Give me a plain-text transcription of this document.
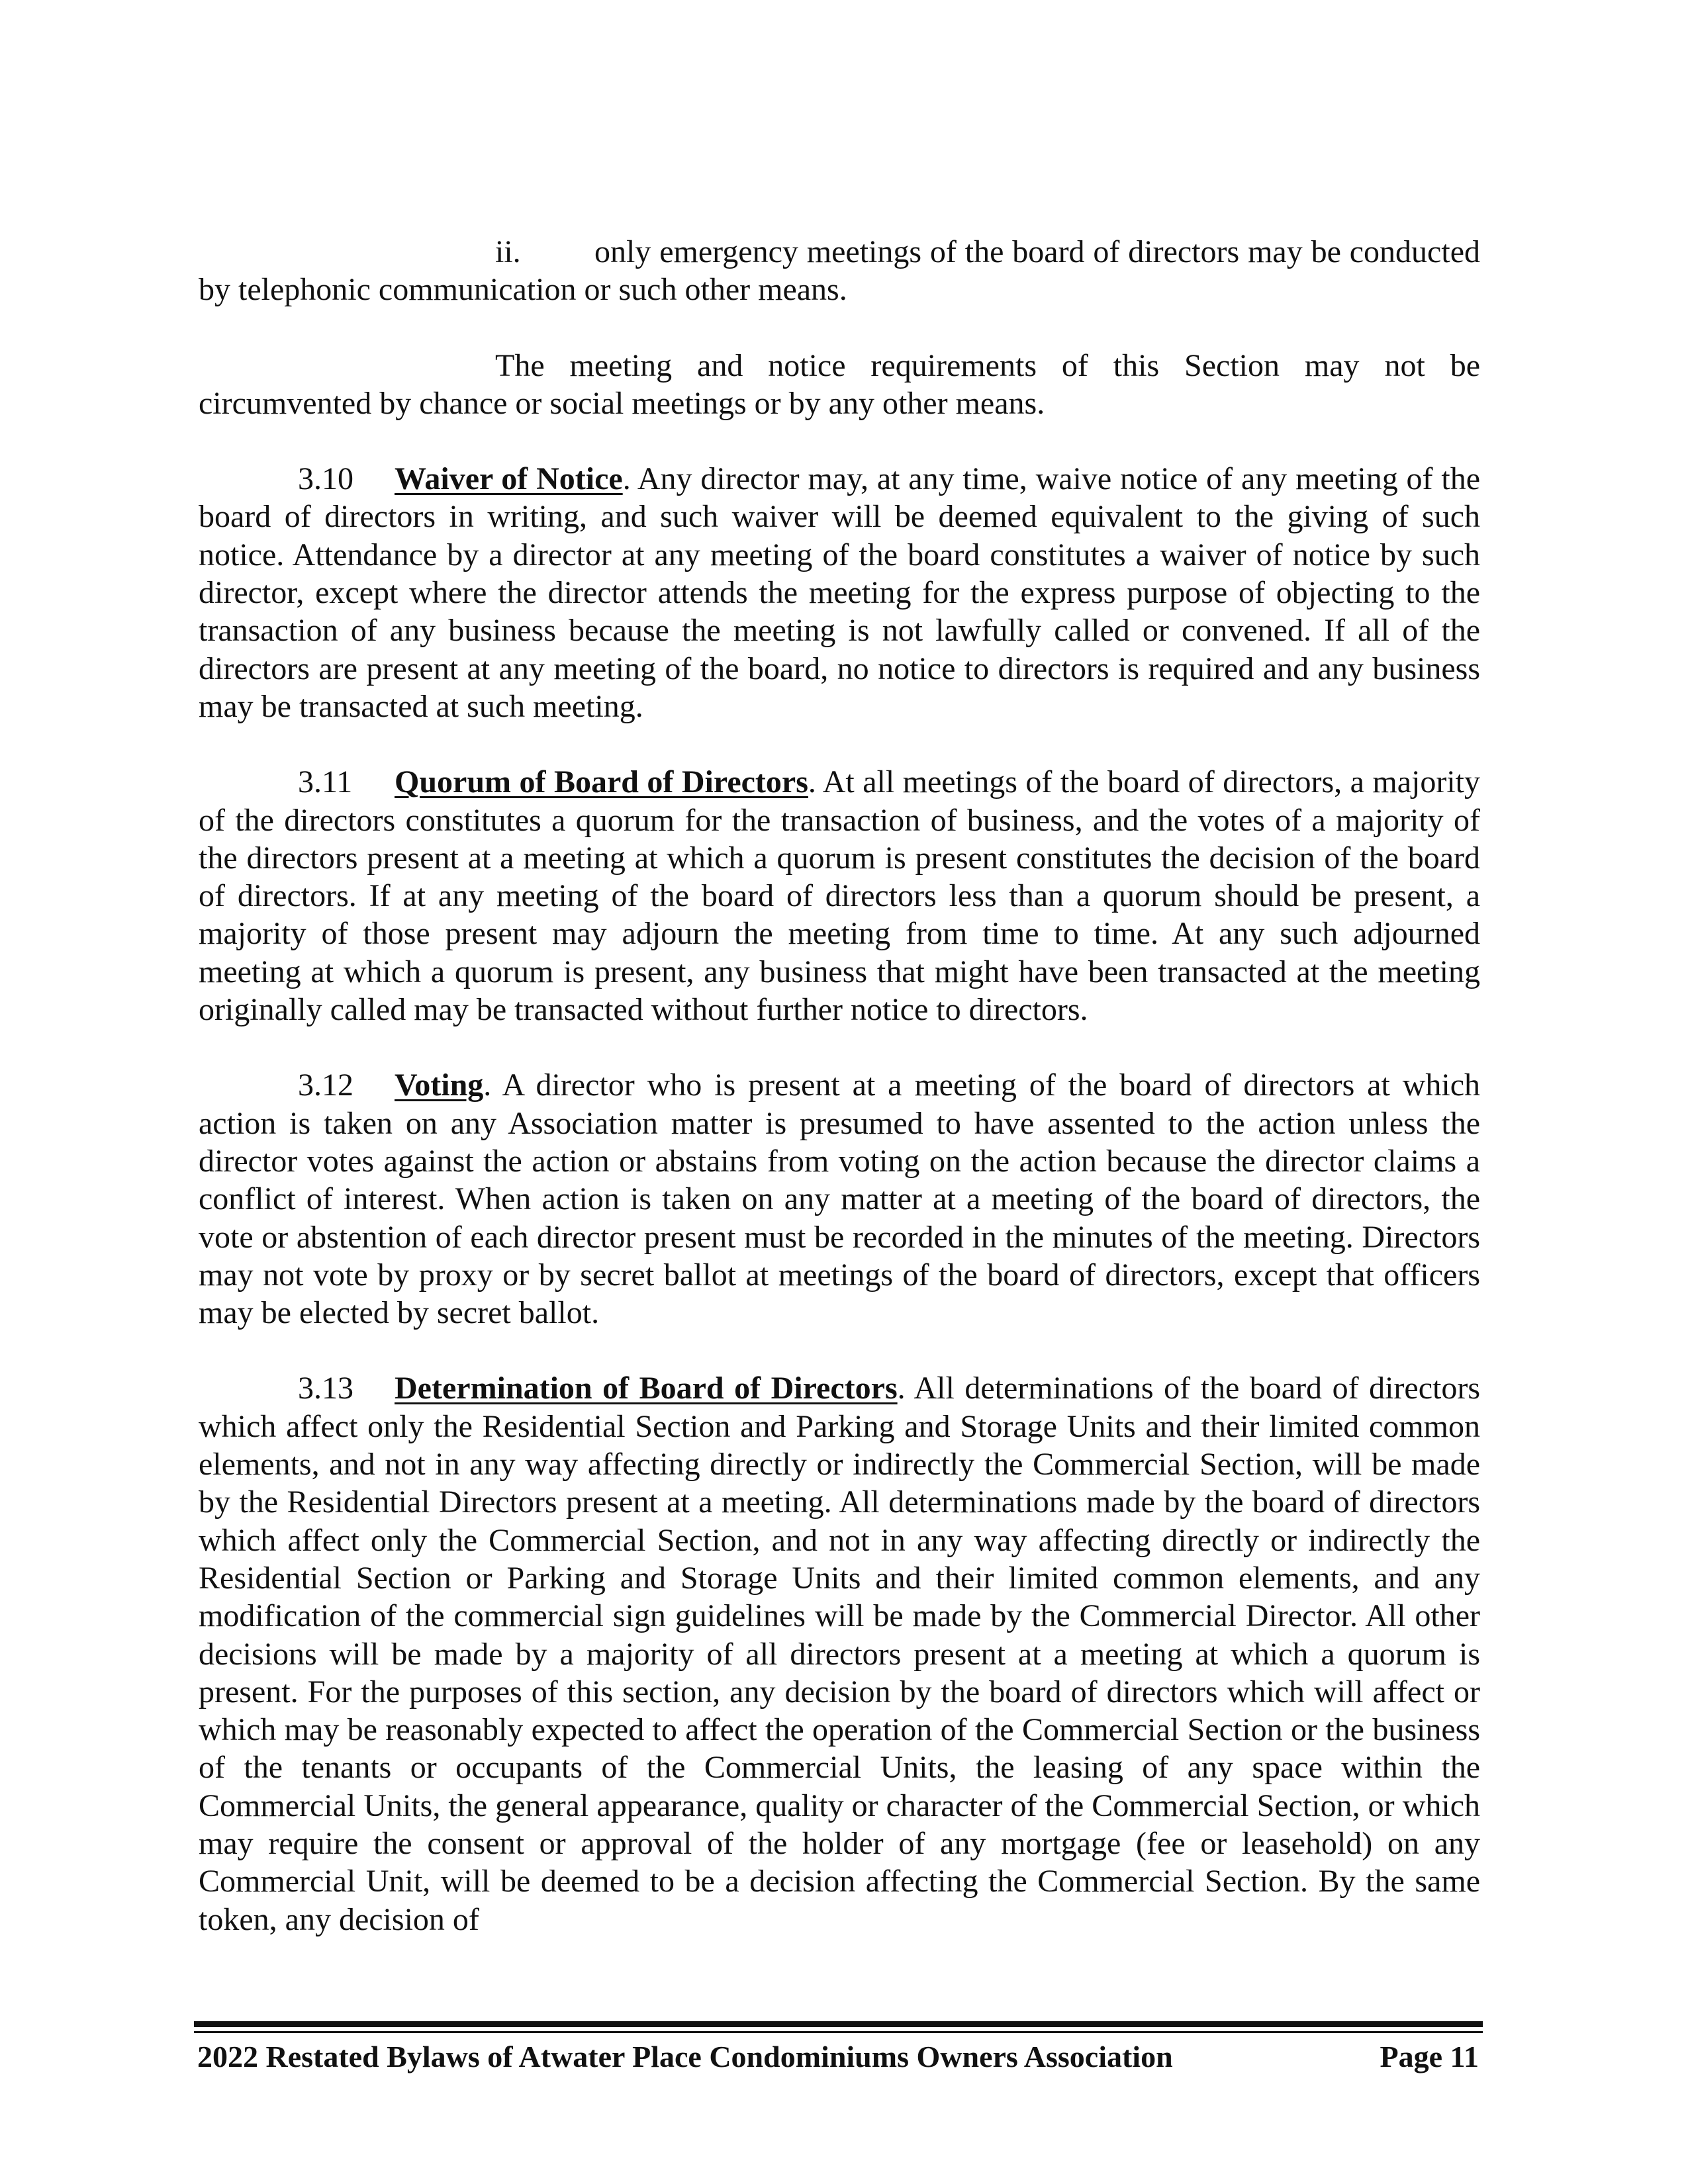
ii. only emergency meetings of the board of directors may be conducted by telephonic communication or such other means.

The meeting and notice requirements of this Section may not be circumvented by chance or social meetings or by any other means.

3.10 Waiver of Notice. Any director may, at any time, waive notice of any meeting of the board of directors in writing, and such waiver will be deemed equivalent to the giving of such notice. Attendance by a director at any meeting of the board constitutes a waiver of notice by such director, except where the director attends the meeting for the express purpose of objecting to the transaction of any business because the meeting is not lawfully called or convened. If all of the directors are present at any meeting of the board, no notice to directors is required and any business may be transacted at such meeting.

3.11 Quorum of Board of Directors. At all meetings of the board of directors, a majority of the directors constitutes a quorum for the transaction of business, and the votes of a majority of the directors present at a meeting at which a quorum is present constitutes the decision of the board of directors. If at any meeting of the board of directors less than a quorum should be present, a majority of those present may adjourn the meeting from time to time. At any such adjourned meeting at which a quorum is present, any business that might have been transacted at the meeting originally called may be transacted without further notice to directors.

3.12 Voting. A director who is present at a meeting of the board of directors at which action is taken on any Association matter is presumed to have assented to the action unless the director votes against the action or abstains from voting on the action because the director claims a conflict of interest. When action is taken on any matter at a meeting of the board of directors, the vote or abstention of each director present must be recorded in the minutes of the meeting. Directors may not vote by proxy or by secret ballot at meetings of the board of directors, except that officers may be elected by secret ballot.

3.13 Determination of Board of Directors. All determinations of the board of directors which affect only the Residential Section and Parking and Storage Units and their limited common elements, and not in any way affecting directly or indirectly the Commercial Section, will be made by the Residential Directors present at a meeting. All determinations made by the board of directors which affect only the Commercial Section, and not in any way affecting directly or indirectly the Residential Section or Parking and Storage Units and their limited common elements, and any modification of the commercial sign guidelines will be made by the Commercial Director. All other decisions will be made by a majority of all directors present at a meeting at which a quorum is present. For the purposes of this section, any decision by the board of directors which will affect or which may be reasonably expected to affect the operation of the Commercial Section or the business of the tenants or occupants of the Commercial Units, the leasing of any space within the Commercial Units, the general appearance, quality or character of the Commercial Section, or which may require the consent or approval of the holder of any mortgage (fee or leasehold) on any Commercial Unit, will be deemed to be a decision affecting the Commercial Section. By the same token, any decision of

2022 Restated Bylaws of Atwater Place Condominiums Owners Association	Page 11
